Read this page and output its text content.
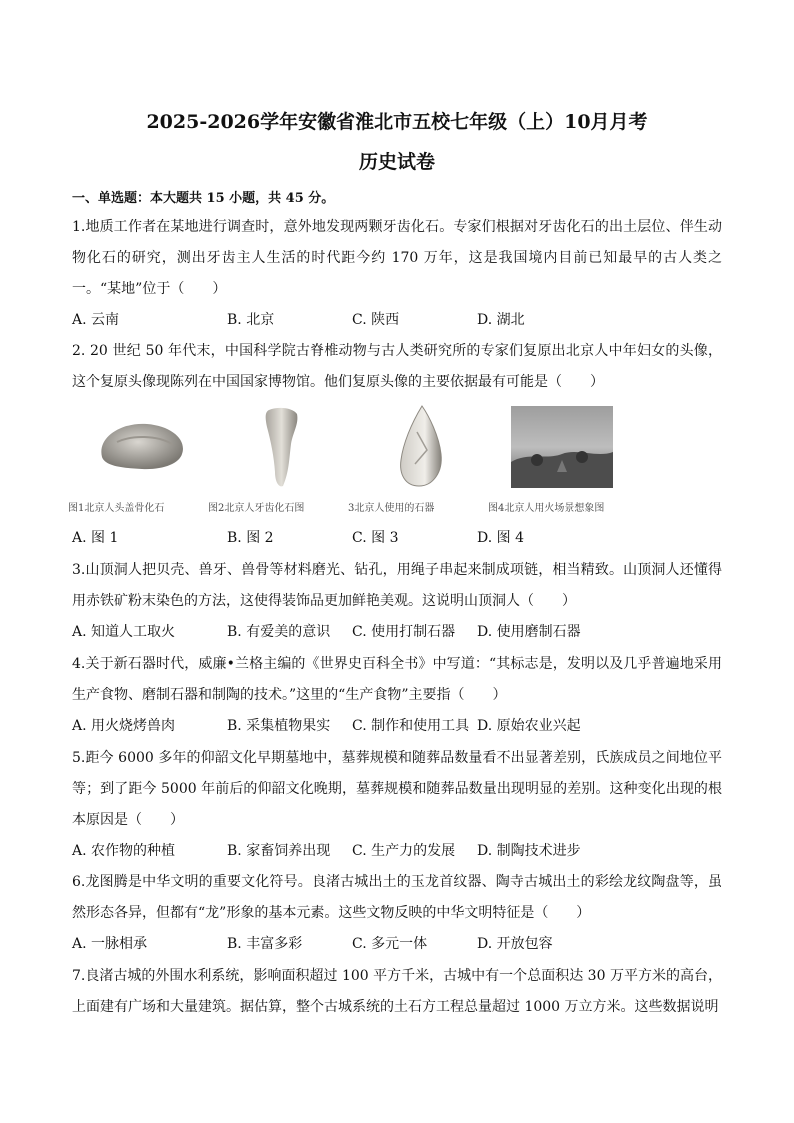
2025-2026学年安徽省淮北市五校七年级（上）10月月考
历史试卷
一、单选题：本大题共 15 小题，共 45 分。
1.地质工作者在某地进行调查时，意外地发现两颗牙齿化石。专家们根据对牙齿化石的出土层位、伴生动物化石的研究，测出牙齿主人生活的时代距今约 170 万年，这是我国境内目前已知最早的古人类之一。“某地”位于（　　）
A. 云南	B. 北京	C. 陕西	D. 湖北
2. 20 世纪 50 年代末，中国科学院古脊椎动物与古人类研究所的专家们复原出北京人中年妇女的头像，这个复原头像现陈列在中国国家博物馆。他们复原头像的主要依据最有可能是（　　）
图1北京人头盖骨化石	图2北京人牙齿化石图	3北京人使用的石器	图4北京人用火场景想象图
A. 图 1	B. 图 2	C. 图 3	D. 图 4
3.山顶洞人把贝壳、兽牙、兽骨等材料磨光、钻孔，用绳子串起来制成项链，相当精致。山顶洞人还懂得用赤铁矿粉末染色的方法，这使得装饰品更加鲜艳美观。这说明山顶洞人（　　）
A. 知道人工取火	B. 有爱美的意识 C. 使用打制石器 D. 使用磨制石器
4.关于新石器时代，威廉•兰格主编的《世界史百科全书》中写道：“其标志是，发明以及几乎普遍地采用生产食物、磨制石器和制陶的技术。”这里的“生产食物”主要指（　　）
A. 用火烧烤兽肉	B. 采集植物果实 C. 制作和使用工具 D. 原始农业兴起
5.距今 6000 多年的仰韶文化早期墓地中，墓葬规模和随葬品数量看不出显著差别，氏族成员之间地位平等；到了距今 5000 年前后的仰韶文化晚期，墓葬规模和随葬品数量出现明显的差别。这种变化出现的根本原因是（　　）
A. 农作物的种植	B. 家畜饲养出现 C. 生产力的发展 D. 制陶技术进步
6.龙图腾是中华文明的重要文化符号。良渚古城出土的玉龙首纹器、陶寺古城出土的彩绘龙纹陶盘等，虽然形态各异，但都有“龙”形象的基本元素。这些文物反映的中华文明特征是（　　）
A. 一脉相承	B. 丰富多彩	C. 多元一体	D. 开放包容
7.良渚古城的外围水利系统，影响面积超过 100 平方千米，古城中有一个总面积达 30 万平方米的高台，上面建有广场和大量建筑。据估算，整个古城系统的土石方工程总量超过 1000 万立方米。这些数据说明
